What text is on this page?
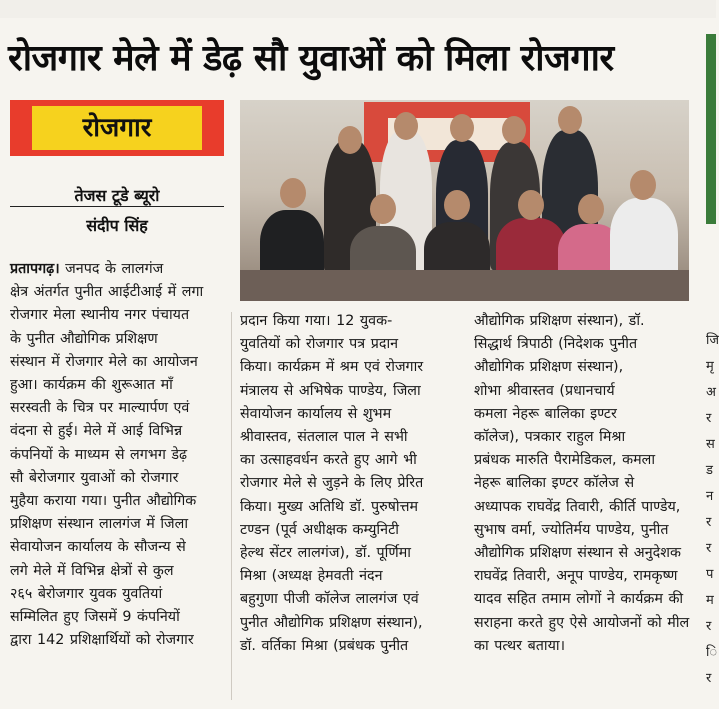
रोजगार मेले में डेढ़ सौ युवाओं को मिला रोजगार
रोजगार
तेजस टूडे ब्यूरो
संदीप सिंह

प्रतापगढ़। जनपद के लालगंज

क्षेत्र अंतर्गत पुनीत आईटीआई में लगा

रोजगार मेला स्थानीय नगर पंचायत

के पुनीत औद्योगिक प्रशिक्षण

संस्थान में रोजगार मेले का आयोजन

हुआ। कार्यक्रम की शुरूआत माँ

सरस्वती के चित्र पर माल्यार्पण एवं

वंदना से हुई। मेले में आई विभिन्न

कंपनियों के माध्यम से लगभग डेढ़

सौ बेरोजगार युवाओं को रोजगार

मुहैया कराया गया। पुनीत औद्योगिक

प्रशिक्षण संस्थान लालगंज में जिला

सेवायोजन कार्यालय के सौजन्य से

लगे मेले में विभिन्न क्षेत्रों से कुल

२६५ बेरोजगार युवक युवतियां

सम्मिलित हुए जिसमें 9 कंपनियों

द्वारा 142 प्रशिक्षार्थियों को रोजगार

प्रदान किया गया। 12 युवक-

युवतियों को रोजगार पत्र प्रदान

किया। कार्यक्रम में श्रम एवं रोजगार

मंत्रालय से अभिषेक पाण्डेय, जिला

सेवायोजन कार्यालय से शुभम

श्रीवास्तव, संतलाल पाल ने सभी

का उत्साहवर्धन करते हुए आगे भी

रोजगार मेले से जुड़ने के लिए प्रेरित

किया। मुख्य अतिथि डॉ. पुरुषोत्तम

टण्डन (पूर्व अधीक्षक कम्युनिटी

हेल्थ सेंटर लालगंज), डॉ. पूर्णिमा

मिश्रा (अध्यक्ष हेमवती नंदन

बहुगुणा पीजी कॉलेज लालगंज एवं

पुनीत औद्योगिक प्रशिक्षण संस्थान),

डॉ. वर्तिका मिश्रा (प्रबंधक पुनीत

औद्योगिक प्रशिक्षण संस्थान), डॉ.

सिद्धार्थ त्रिपाठी (निदेशक पुनीत

औद्योगिक प्रशिक्षण संस्थान),

शोभा श्रीवास्तव (प्रधानचार्य

कमला नेहरू बालिका इण्टर

कॉलेज), पत्रकार राहुल मिश्रा

प्रबंधक मारुति पैरामेडिकल, कमला

नेहरू बालिका इण्टर कॉलेज से

अध्यापक राघवेंद्र तिवारी, कीर्ति पाण्डेय,

सुभाष वर्मा, ज्योतिर्मय पाण्डेय, पुनीत

औद्योगिक प्रशिक्षण संस्थान से अनुदेशक

राघवेंद्र तिवारी, अनूप पाण्डेय, रामकृष्ण

यादव सहित तमाम लोगों ने कार्यक्रम की

सराहना करते हुए ऐसे आयोजनों को मील

का पत्थर बताया।

जि
मृ
अ
र
स
ड
न
र
र
प
म
र
ि
र
